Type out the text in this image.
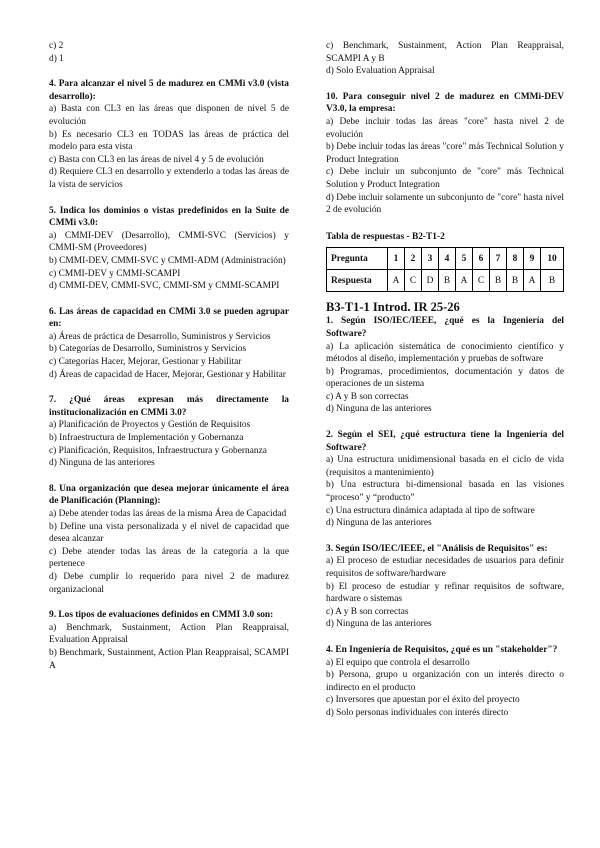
c) 2

d) 1

4. Para alcanzar el nivel 5 de madurez en CMMi v3.0 (vista desarrollo):

a) Basta con CL3 en las áreas que disponen de nivel 5 de evolución

b) Es necesario CL3 en TODAS las áreas de práctica del modelo para esta vista

c) Basta con CL3 en las áreas de nivel 4 y 5 de evolución

d) Requiere CL3 en desarrollo y extenderlo a todas las áreas de la vista de servicios

5. Indica los dominios o vistas predefinidos en la Suite de CMMi v3.0:

a) CMMI-DEV (Desarrollo), CMMI-SVC (Servicios) y CMMI-SM (Proveedores)

b) CMMI-DEV, CMMI-SVC y CMMI-ADM (Administración)

c) CMMI-DEV y CMMI-SCAMPI

d) CMMI-DEV, CMMI-SVC, CMMI-SM y CMMI-SCAMPI

6. Las áreas de capacidad en CMMi 3.0 se pueden agrupar en:

a) Áreas de práctica de Desarrollo, Suministros y Servicios

b) Categorías de Desarrollo, Suministros y Servicios

c) Categorías Hacer, Mejorar, Gestionar y Habilitar

d) Áreas de capacidad de Hacer, Mejorar, Gestionar y Habilitar

7. ¿Qué áreas expresan más directamente la institucionalización en CMMi 3.0?

a) Planificación de Proyectos y Gestión de Requisitos

b) Infraestructura de Implementación y Gobernanza

c) Planificación, Requisitos, Infraestructura y Gobernanza

d) Ninguna de las anteriores

8. Una organización que desea mejorar únicamente el área de Planificación (Planning):

a) Debe atender todas las áreas de la misma Área de Capacidad

b) Define una vista personalizada y el nivel de capacidad que desea alcanzar

c) Debe atender todas las áreas de la categoría a la que pertenece

d) Debe cumplir lo requerido para nivel 2 de madurez organizacional

9. Los tipos de evaluaciones definidos en CMMI 3.0 son:

a) Benchmark, Sustainment, Action Plan Reappraisal, Evaluation Appraisal

b) Benchmark, Sustainment, Action Plan Reappraisal, SCAMPI A

c) Benchmark, Sustainment, Action Plan Reappraisal, SCAMPI A y B

d) Solo Evaluation Appraisal

10. Para conseguir nivel 2 de madurez en CMMi-DEV V3.0, la empresa:

a) Debe incluir todas las áreas "core" hasta nivel 2 de evolución

b) Debe incluir todas las áreas "core" más Technical Solution y Product Integration

c) Debe incluir un subconjunto de "core" más Technical Solution y Product Integration

d) Debe incluir solamente un subconjunto de "core" hasta nivel 2 de evolución

Tabla de respuestas - B2-T1-2
Pregunta	1	2	3	4	5	6	7	8	9	10
Respuesta	A	C	D	B	A	C	B	B	A	B
B3-T1-1 Introd. IR 25-26

1. Según ISO/IEC/IEEE, ¿qué es la Ingeniería del Software?

a) La aplicación sistemática de conocimiento científico y métodos al diseño, implementación y pruebas de software

b) Programas, procedimientos, documentación y datos de operaciones de un sistema

c) A y B son correctas

d) Ninguna de las anteriores

2. Según el SEI, ¿qué estructura tiene la Ingeniería del Software?

a) Una estructura unidimensional basada en el ciclo de vida (requisitos a mantenimiento)

b) Una estructura bi-dimensional basada en las visiones “proceso” y “producto”

c) Una estructura dinámica adaptada al tipo de software

d) Ninguna de las anteriores

3. Según ISO/IEC/IEEE, el "Análisis de Requisitos" es:

a) El proceso de estudiar necesidades de usuarios para definir requisitos de software/hardware

b) El proceso de estudiar y refinar requisitos de software, hardware o sistemas

c) A y B son correctas

d) Ninguna de las anteriores

4. En Ingeniería de Requisitos, ¿qué es un "stakeholder"?

a) El equipo que controla el desarrollo

b) Persona, grupo u organización con un interés directo o indirecto en el producto

c) Inversores que apuestan por el éxito del proyecto

d) Solo personas individuales con interés directo
